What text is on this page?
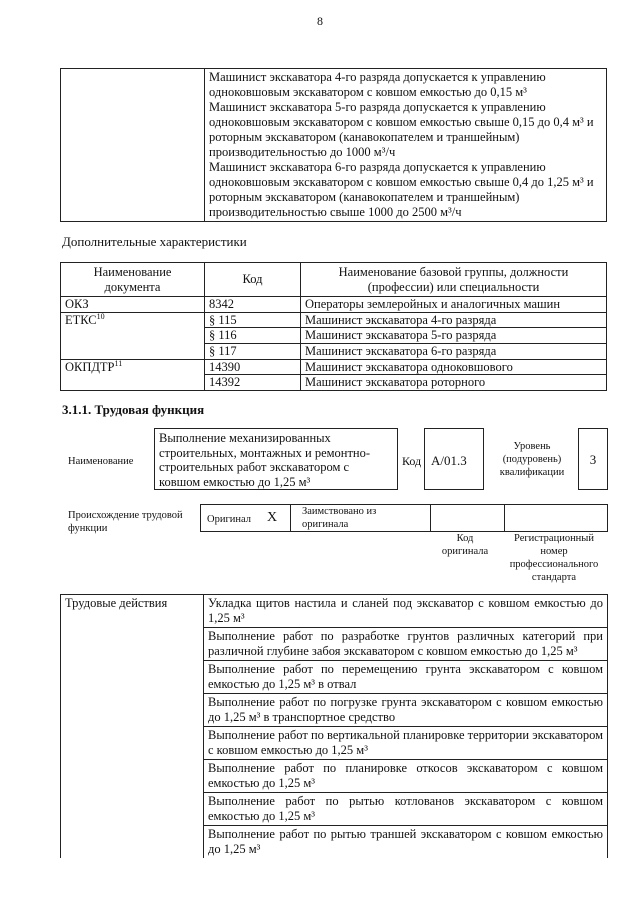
8

Машинист экскаватора 4-го разряда допускается к управлению одноковшовым экскаватором с ковшом емкостью до 0,15 м³

Машинист экскаватора 5-го разряда допускается к управлению одноковшовым экскаватором с ковшом емкостью свыше 0,15 до 0,4 м³ и роторным экскаватором (канавокопателем и траншейным) производительностью до 1000 м³/ч

Машинист экскаватора 6-го разряда допускается к управлению одноковшовым экскаватором с ковшом емкостью свыше 0,4 до 1,25 м³ и роторным экскаватором (канавокопателем и траншейным) производительностью свыше 1000 до 2500 м³/ч

Дополнительные характеристики
Наименование документа	Код	Наименование базовой группы, должности (профессии) или специальности
ОКЗ	8342	Операторы землеройных и аналогичных машин
ЕТКС$^{10}$	§ 115	Машинист экскаватора 4-го разряда
	§ 116	Машинист экскаватора 5-го разряда
	§ 117	Машинист экскаватора 6-го разряда
ОКПДТР$^{11}$	14390	Машинист экскаватора одноковшового
	14392	Машинист экскаватора роторного
3.1.1. Трудовая функция
Наименование
Выполнение механизированных строительных, монтажных и ремонтно-строительных работ экскаватором с ковшом емкостью до 1,25 м³
Код A/01.3
Уровень (подуровень) квалификации
3
Происхождение трудовой функции
Оригинал X Заимствовано из оригинала
Код оригинала
Регистрационный номер профессионального стандарта
Трудовые действия	Укладка щитов настила и сланей под экскаватор с ковшом емкостью до 1,25 м³
Выполнение работ по разработке грунтов различных категорий при различной глубине забоя экскаватором с ковшом емкостью до 1,25 м³
Выполнение работ по перемещению грунта экскаватором с ковшом емкостью до 1,25 м³ в отвал
Выполнение работ по погрузке грунта экскаватором с ковшом емкостью до 1,25 м³ в транспортное средство
Выполнение работ по вертикальной планировке территории экскаватором с ковшом емкостью до 1,25 м³
Выполнение работ по планировке откосов экскаватором с ковшом емкостью до 1,25 м³
Выполнение работ по рытью котлованов экскаватором с ковшом емкостью до 1,25 м³
Выполнение работ по рытью траншей экскаватором с ковшом емкостью до 1,25 м³
